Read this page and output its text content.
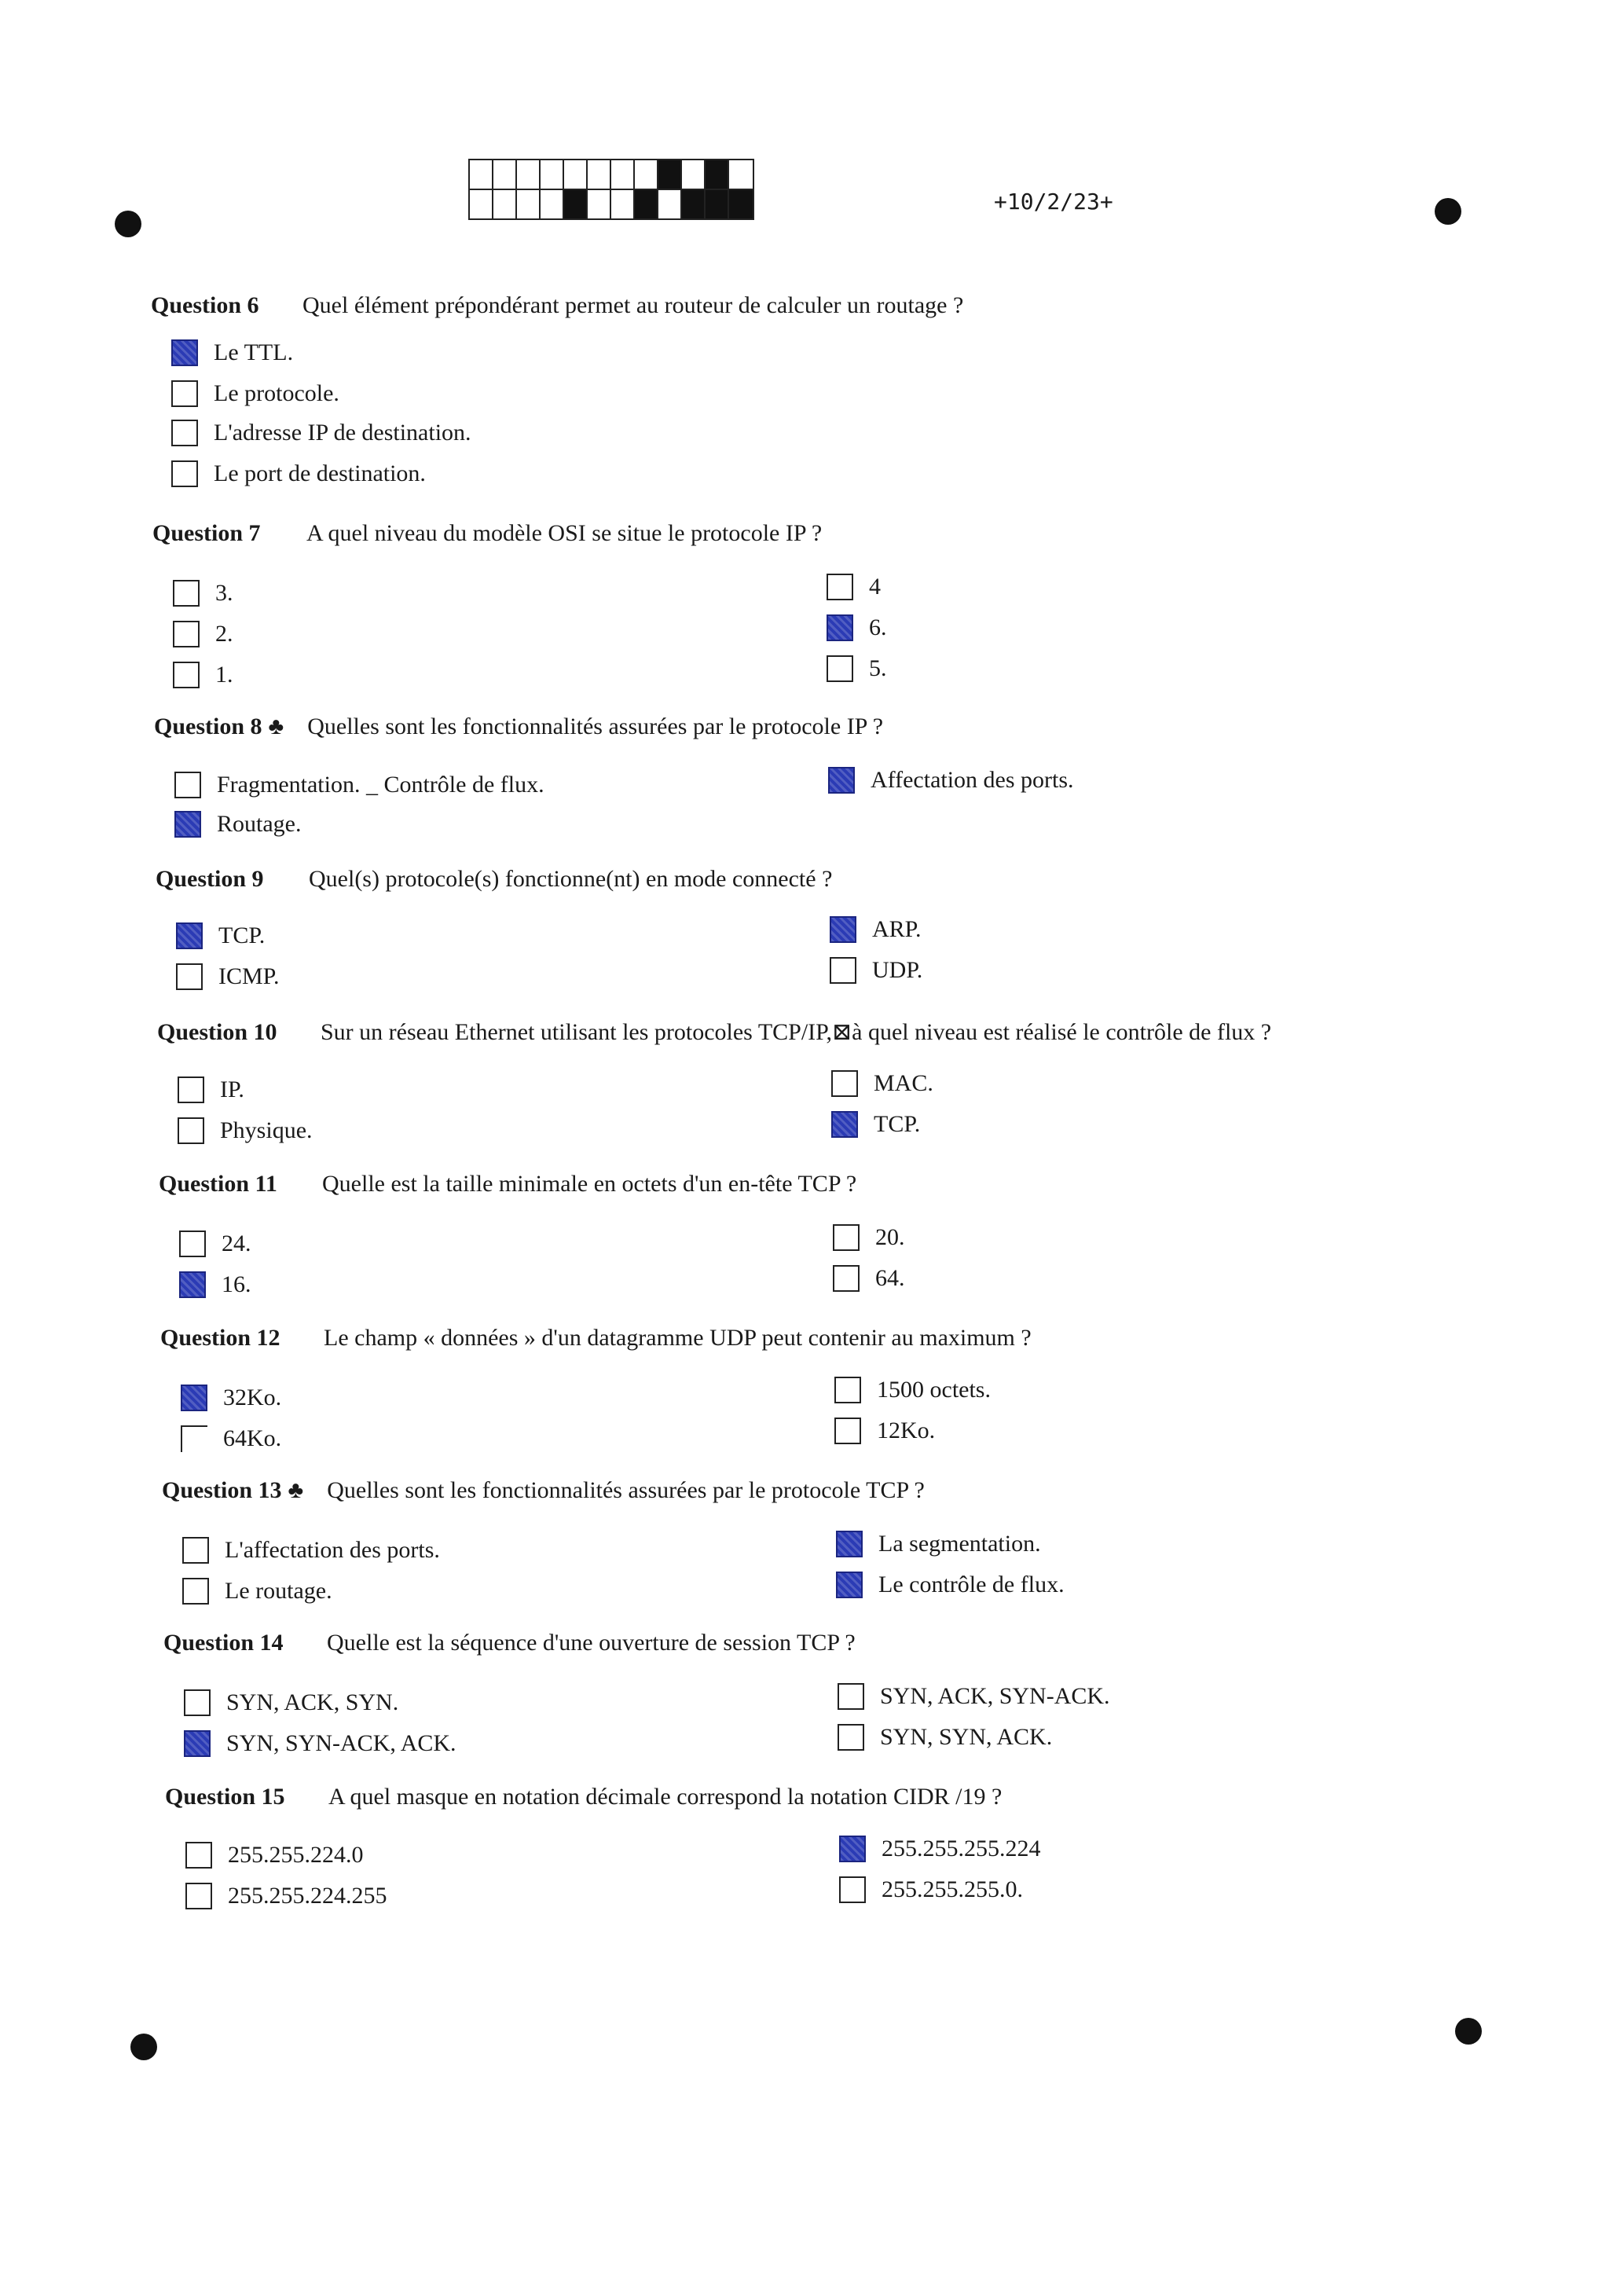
+10/2/23+
Question 6 Quel élément prépondérant permet au routeur de calculer un routage ?
Le TTL.
Le protocole.
L'adresse IP de destination.
Le port de destination.
Question 7 A quel niveau du modèle OSI se situe le protocole IP ?
3.
2.
1.
4
6.
5.
Question 8 ♣ Quelles sont les fonctionnalités assurées par le protocole IP ?
Fragmentation. _ Contrôle de flux.
Routage.
Affectation des ports.
Question 9 Quel(s) protocole(s) fonctionne(nt) en mode connecté ?
TCP.
ICMP.
ARP.
UDP.
Question 10 Sur un réseau Ethernet utilisant les protocoles TCP/IP,⊠à quel niveau est réalisé le contrôle de flux ?
IP.
Physique.
MAC.
TCP.
Question 11 Quelle est la taille minimale en octets d'un en-tête TCP ?
24.
16.
20.
64.
Question 12 Le champ « données » d'un datagramme UDP peut contenir au maximum ?
32Ko.
64Ko.
1500 octets.
12Ko.
Question 13 ♣ Quelles sont les fonctionnalités assurées par le protocole TCP ?
L'affectation des ports.
Le routage.
La segmentation.
Le contrôle de flux.
Question 14 Quelle est la séquence d'une ouverture de session TCP ?
SYN, ACK, SYN.
SYN, SYN-ACK, ACK.
SYN, ACK, SYN-ACK.
SYN, SYN, ACK.
Question 15 A quel masque en notation décimale correspond la notation CIDR /19 ?
255.255.224.0
255.255.224.255
255.255.255.224
255.255.255.0.
